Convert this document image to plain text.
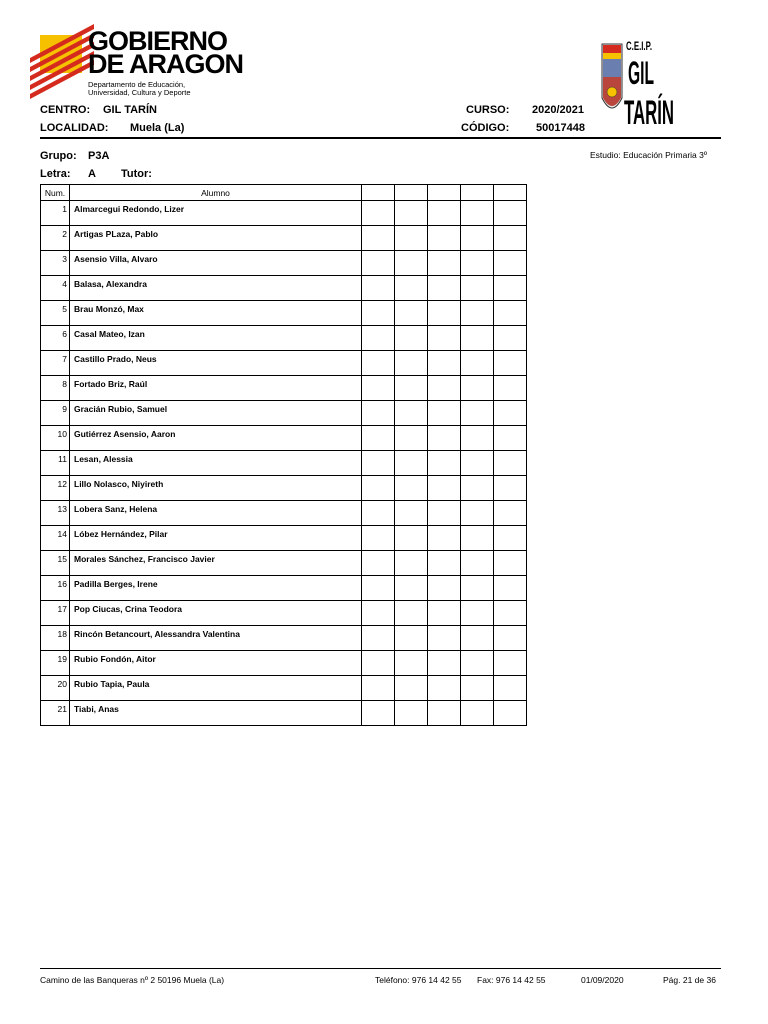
GOBIERNO
DE ARAGON
Departamento de Educación,
Universidad, Cultura y Deporte
C.E.I.P.
GIL
TARÍN
CENTRO: GIL TARÍN	CURSO: 2020/2021
LOCALIDAD: Muela (La)	CÓDIGO: 50017448
Grupo: P3A	Estudio: Educación Primaria 3º
Letra: A Tutor:
Num.	Alumno					
1	Almarcegui Redondo, Lizer					
2	Artigas PLaza, Pablo					
3	Asensio Villa, Alvaro					
4	Balasa, Alexandra					
5	Brau Monzó, Max					
6	Casal Mateo, Izan					
7	Castillo Prado, Neus					
8	Fortado Briz, Raúl					
9	Gracián Rubio, Samuel					
10	Gutiérrez Asensio, Aaron					
11	Lesan, Alessia					
12	Lillo Nolasco, Niyireth					
13	Lobera Sanz, Helena					
14	Lóbez Hernández, Pilar					
15	Morales Sánchez, Francisco Javier					
16	Padilla Berges, Irene					
17	Pop Ciucas, Crina Teodora					
18	Rincón Betancourt, Alessandra Valentina					
19	Rubio Fondón, Aitor					
20	Rubio Tapia, Paula					
21	Tiabi, Anas					
Camino de las Banqueras nº 2 50196 Muela (La)	Teléfono: 976 14 42 55 Fax: 976 14 42 55	01/09/2020	Pág. 21 de 36
